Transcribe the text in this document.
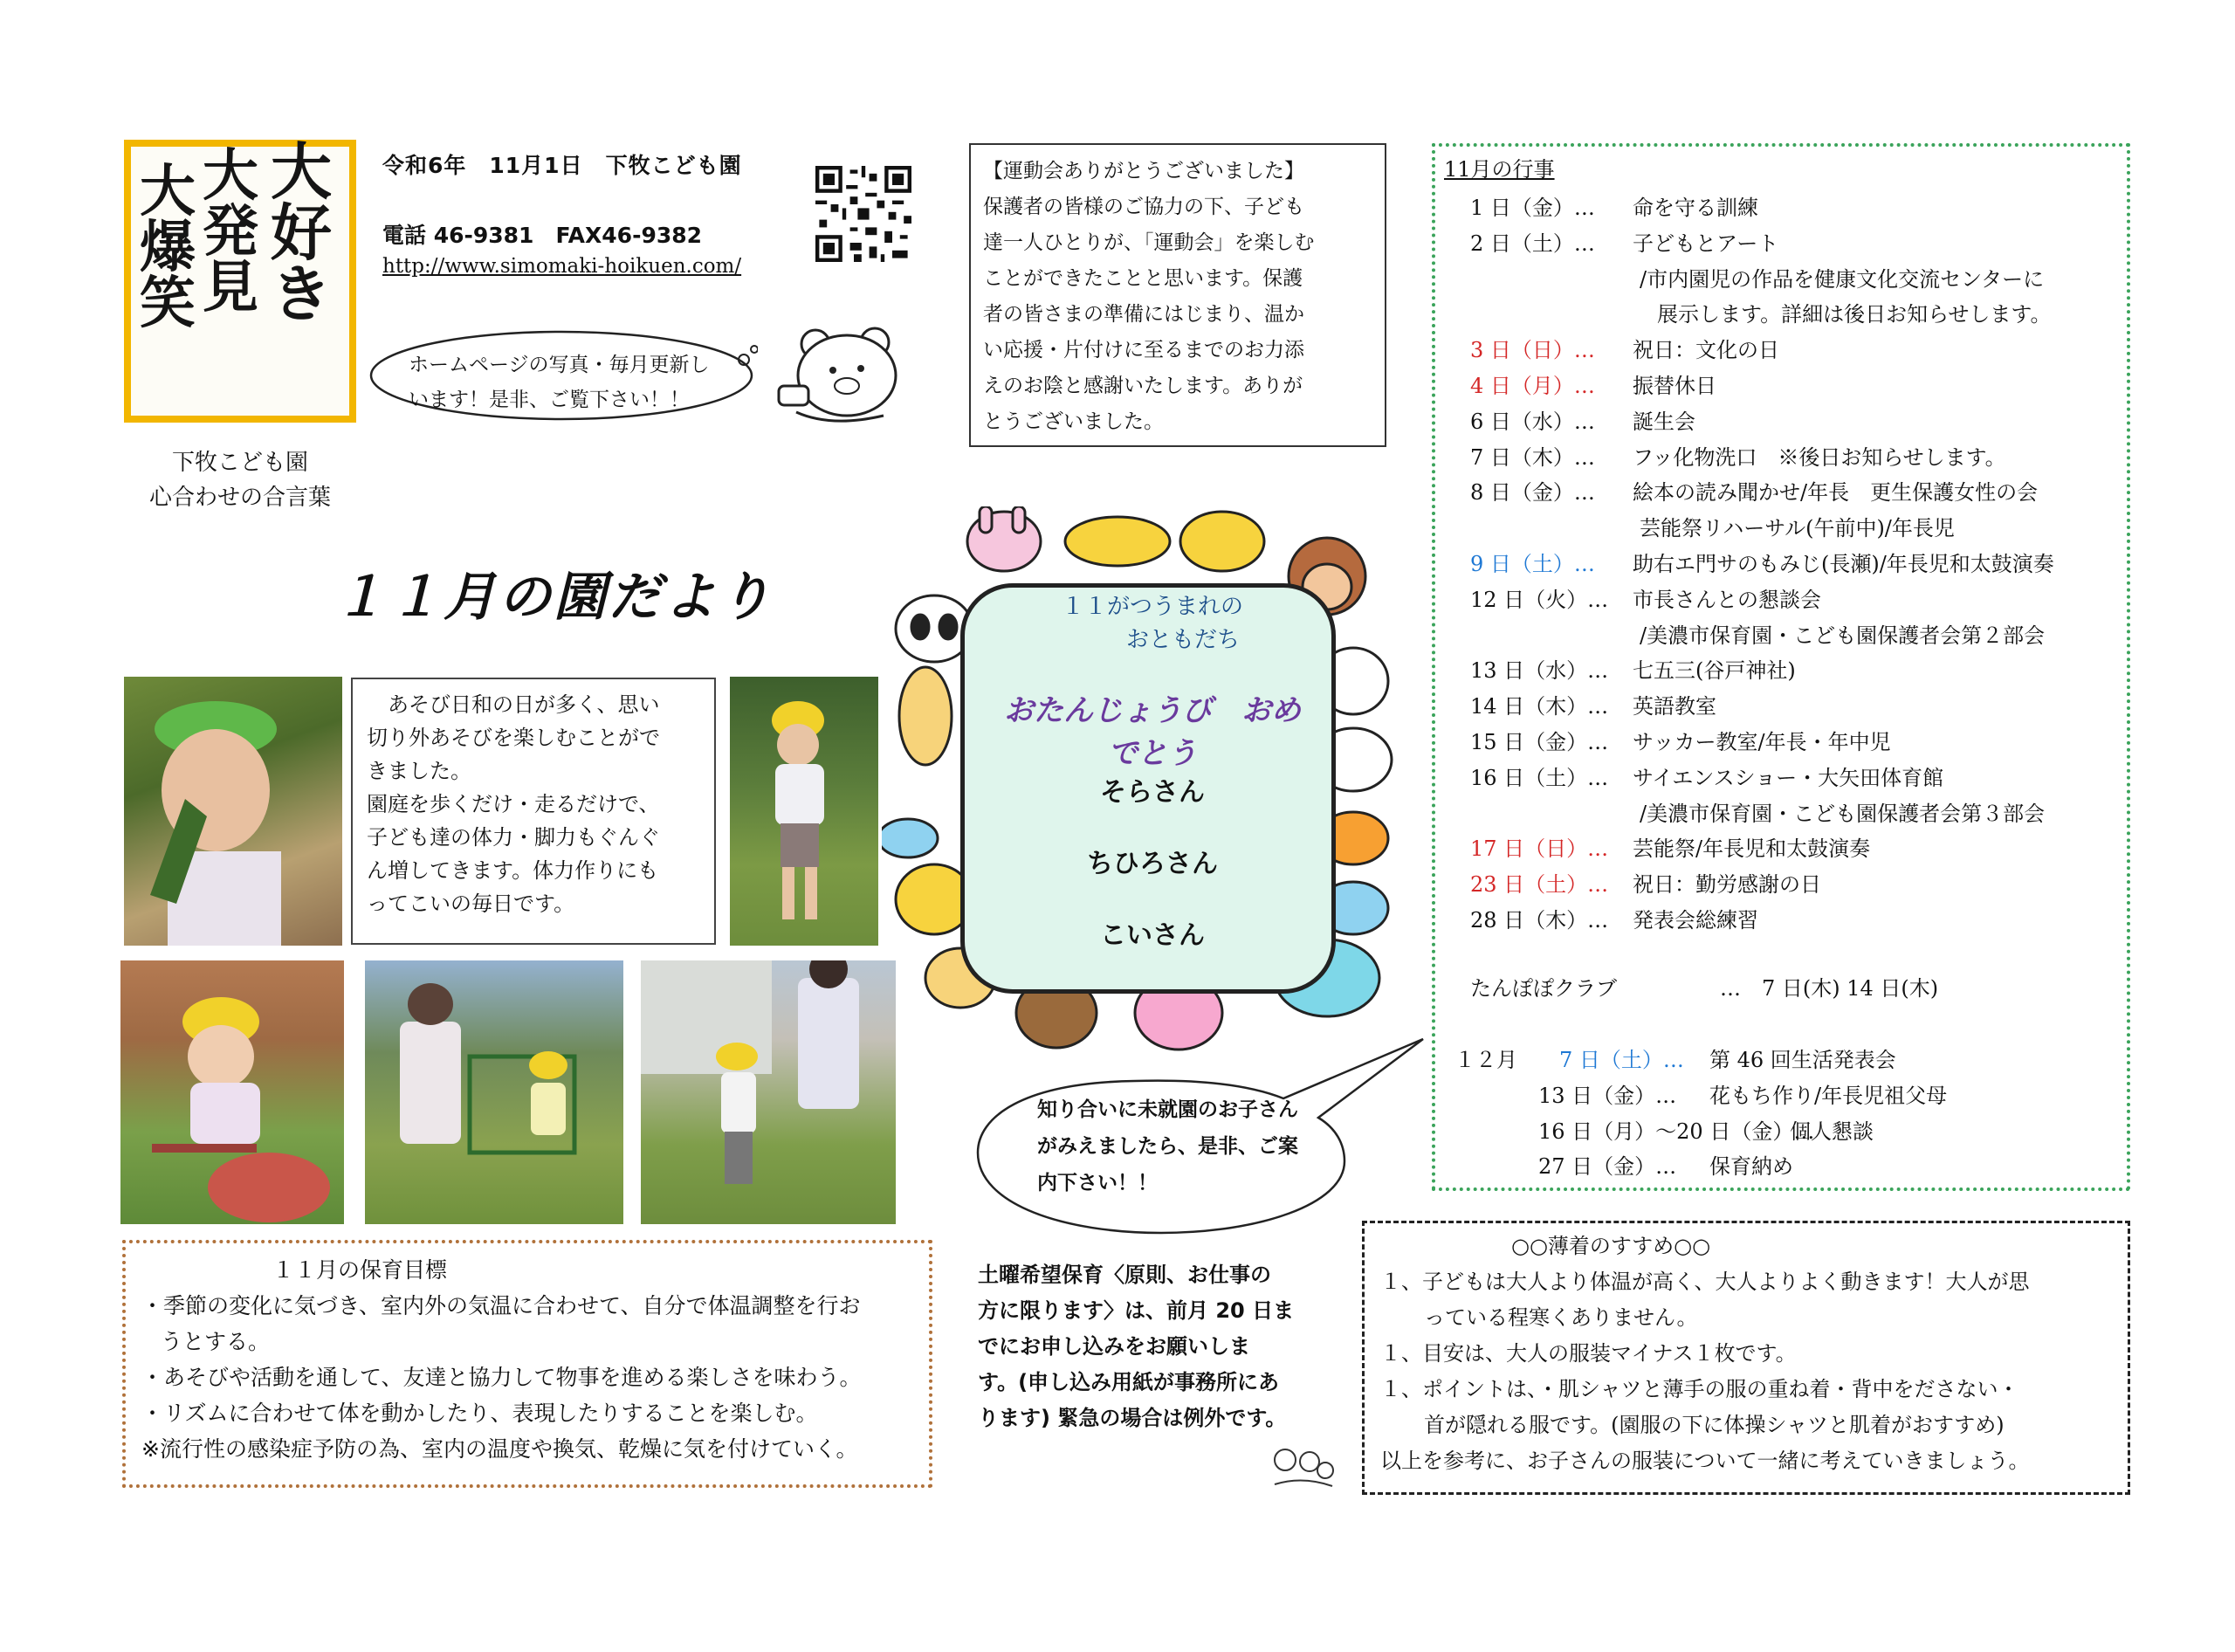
大
爆
笑
大
発
見
大
好
き
下牧こども園
心合わせの合言葉
令和6年　11月1日　下牧こども園
電話 46-9381　FAX46-9382
http://www.simomaki-hoikuen.com/
ホームページの写真・毎月更新し
います！是非、ご覧下さい！！
【運動会ありがとうございました】
保護者の皆様のご協力の下、子ども
達一人ひとりが、「運動会」を楽しむ
ことができたことと思います。保護
者の皆さまの準備にはじまり、温か
い応援・片付けに至るまでのお力添
えのお陰と感謝いたします。ありが
とうございました。
１１月の園だより
　あそび日和の日が多く、思い
切り外あそびを楽しむことがで
きました。
園庭を歩くだけ・走るだけで、
子ども達の体力・脚力もぐんぐ
ん増してきます。体力作りにも
ってこいの毎日です。
１１がつうまれの
おともだち
おたんじょうび　おめでとう
そらさん
ちひろさん
こいさん
知り合いに未就園のお子さん
がみえましたら、是非、ご案
内下さい！！
11月の行事
1 日（金）… 命を守る訓練
2 日（土）… 子どもとアート
/市内園児の作品を健康文化交流センターに
展示します。詳細は後日お知らせします。
3 日（日）… 祝日：文化の日
4 日（月）… 振替休日
6 日（水）… 誕生会
7 日（木）… フッ化物洗口　※後日お知らせします。
8 日（金）… 絵本の読み聞かせ/年長　更生保護女性の会
芸能祭リハーサル(午前中)/年長児
9 日（土）… 助右エ門サのもみじ(長瀬)/年長児和太鼓演奏
12 日（火）… 市長さんとの懇談会
/美濃市保育園・こども園保護者会第２部会
13 日（水）… 七五三(谷戸神社)
14 日（木）… 英語教室
15 日（金）… サッカー教室/年長・年中児
16 日（土）… サイエンスショー・大矢田体育館
/美濃市保育園・こども園保護者会第３部会
17 日（日）… 芸能祭/年長児和太鼓演奏
23 日（土）… 祝日：勤労感謝の日
28 日（木）… 発表会総練習
たんぽぽクラブ	…　7 日(木) 14 日(木)
１２月 7 日（土）… 第 46 回生活発表会
13 日（金）… 花もち作り/年長児祖父母
16 日（月）～20 日（金）…
個人懇談
27 日（金）… 保育納め
１１月の保育目標
・季節の変化に気づき、室内外の気温に合わせて、自分で体温調整を行お
うとする。
・あそびや活動を通して、友達と協力して物事を進める楽しさを味わう。
・リズムに合わせて体を動かしたり、表現したりすることを楽しむ。
※流行性の感染症予防の為、室内の温度や換気、乾燥に気を付けていく。
土曜希望保育〈原則、お仕事の
方に限ります〉は、前月 20 日ま
でにお申し込みをお願いしま
す。(申し込み用紙が事務所にあ
ります) 緊急の場合は例外です。
○○薄着のすすめ○○
１、子どもは大人より体温が高く、大人よりよく動きます！大人が思
っている程寒くありません。
１、目安は、大人の服装マイナス１枚です。
１、ポイントは、・肌シャツと薄手の服の重ね着・背中をださない・
首が隠れる服です。(園服の下に体操シャツと肌着がおすすめ)
以上を参考に、お子さんの服装について一緒に考えていきましょう。
